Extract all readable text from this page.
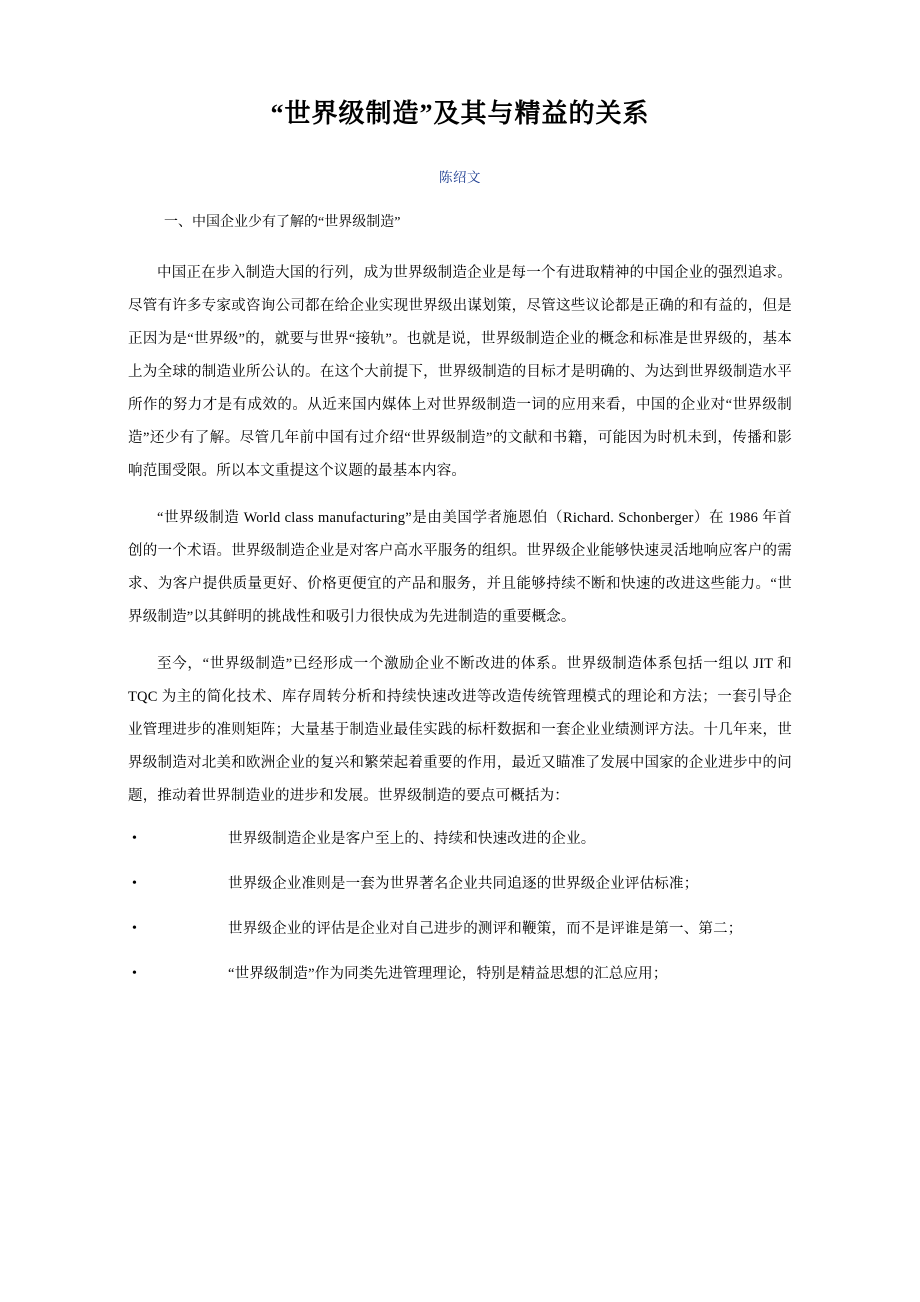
“世界级制造”及其与精益的关系
陈绍文
一、中国企业少有了解的“世界级制造”

中国正在步入制造大国的行列，成为世界级制造企业是每一个有进取精神的中国企业的强烈追求。尽管有许多专家或咨询公司都在给企业实现世界级出谋划策，尽管这些议论都是正确的和有益的，但是正因为是“世界级”的，就要与世界“接轨”。也就是说，世界级制造企业的概念和标准是世界级的，基本上为全球的制造业所公认的。在这个大前提下，世界级制造的目标才是明确的、为达到世界级制造水平所作的努力才是有成效的。从近来国内媒体上对世界级制造一词的应用来看，中国的企业对“世界级制造”还少有了解。尽管几年前中国有过介绍“世界级制造”的文献和书籍，可能因为时机未到，传播和影响范围受限。所以本文重提这个议题的最基本内容。

“世界级制造 World class manufacturing”是由美国学者施恩伯（Richard. Schonberger）在 1986 年首创的一个术语。世界级制造企业是对客户高水平服务的组织。世界级企业能够快速灵活地响应客户的需求、为客户提供质量更好、价格更便宜的产品和服务，并且能够持续不断和快速的改进这些能力。“世界级制造”以其鲜明的挑战性和吸引力很快成为先进制造的重要概念。

至今，“世界级制造”已经形成一个激励企业不断改进的体系。世界级制造体系包括一组以 JIT 和 TQC 为主的简化技术、库存周转分析和持续快速改进等改造传统管理模式的理论和方法；一套引导企业管理进步的准则矩阵；大量基于制造业最佳实践的标杆数据和一套企业业绩测评方法。十几年来，世界级制造对北美和欧洲企业的复兴和繁荣起着重要的作用，最近又瞄准了发展中国家的企业进步中的问题，推动着世界制造业的进步和发展。世界级制造的要点可概括为：

•	世界级制造企业是客户至上的、持续和快速改进的企业。
•	世界级企业准则是一套为世界著名企业共同追逐的世界级企业评估标准；
•	世界级企业的评估是企业对自己进步的测评和鞭策，而不是评谁是第一、第二；
•	“世界级制造”作为同类先进管理理论，特别是精益思想的汇总应用；
